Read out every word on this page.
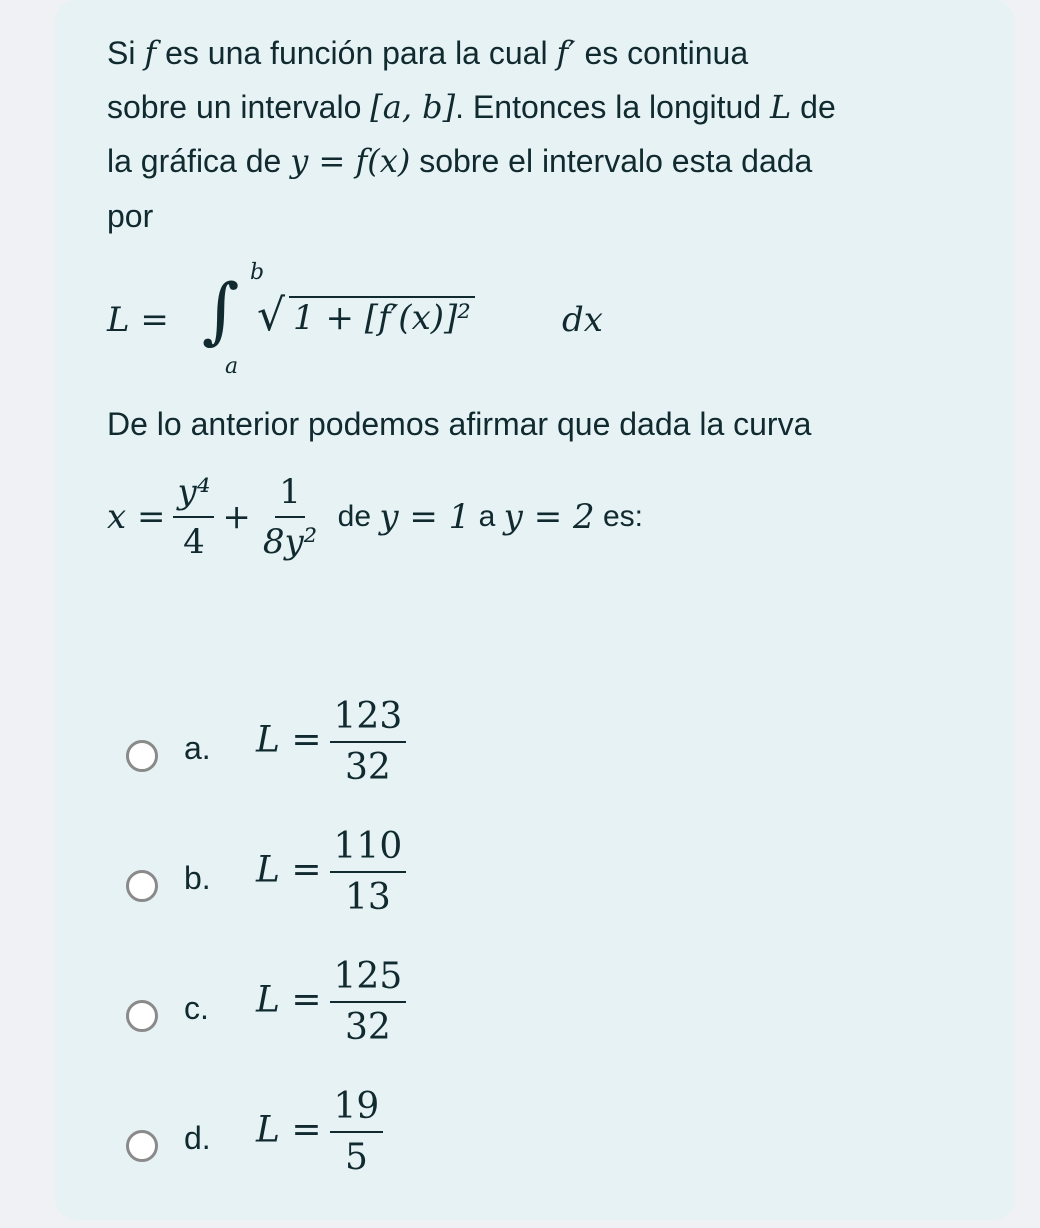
Si f es una función para la cual f′ es continua
sobre un intervalo [a, b]. Entonces la longitud L de
la gráfica de y = f(x) sobre el intervalo esta dada
por
L = ∫ b
a
√ 1 + [f′(x)]²	dx
De lo anterior podemos afirmar que dada la curva
$x = \frac{\text{y⁴}}{4} + \frac{1}{\text{8y²}}$ de y = 1 a y = 2 es:
a. $L = \frac{123}{32}$
b. $L = \frac{110}{13}$
c. $L = \frac{125}{32}$
d. $L = \frac{19}{5}$
